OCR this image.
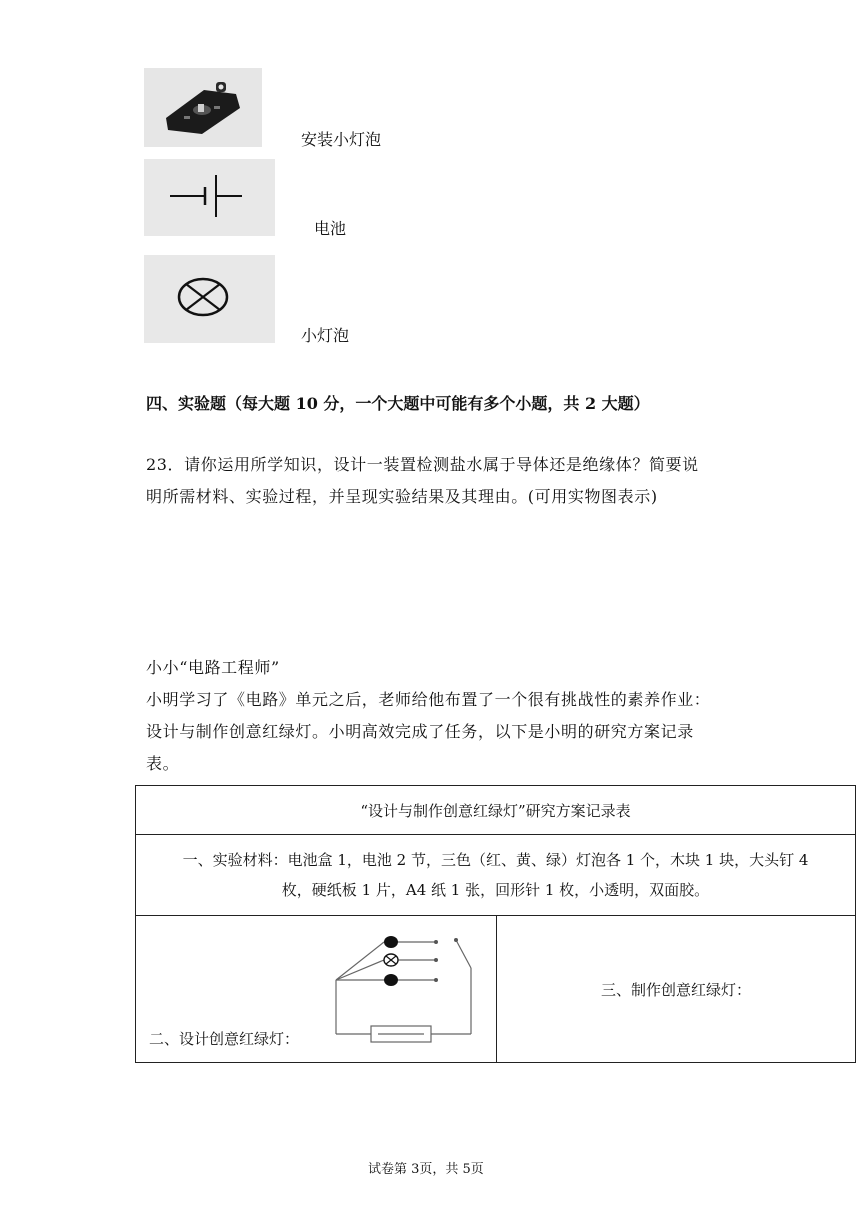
安装小灯泡
电池
小灯泡
四、实验题（每大题 10 分，一个大题中可能有多个小题，共 2 大题）
23．请你运用所学知识，设计一装置检测盐水属于导体还是绝缘体？简要说
明所需材料、实验过程，并呈现实验结果及其理由。(可用实物图表示)
小小“电路工程师”
小明学习了《电路》单元之后，老师给他布置了一个很有挑战性的素养作业：
设计与制作创意红绿灯。小明高效完成了任务，以下是小明的研究方案记录
表。
“设计与制作创意红绿灯”研究方案记录表

一、实验材料：电池盒 1，电池 2 节，三色（红、黄、绿）灯泡各 1 个，木块 1 块，大头钉 4
枚，硬纸板 1 片，A4 纸 1 张，回形针 1 枚，小透明，双面胶。

二、设计创意红绿灯：
	三、制作创意红绿灯：
试卷第 3页，共 5页
